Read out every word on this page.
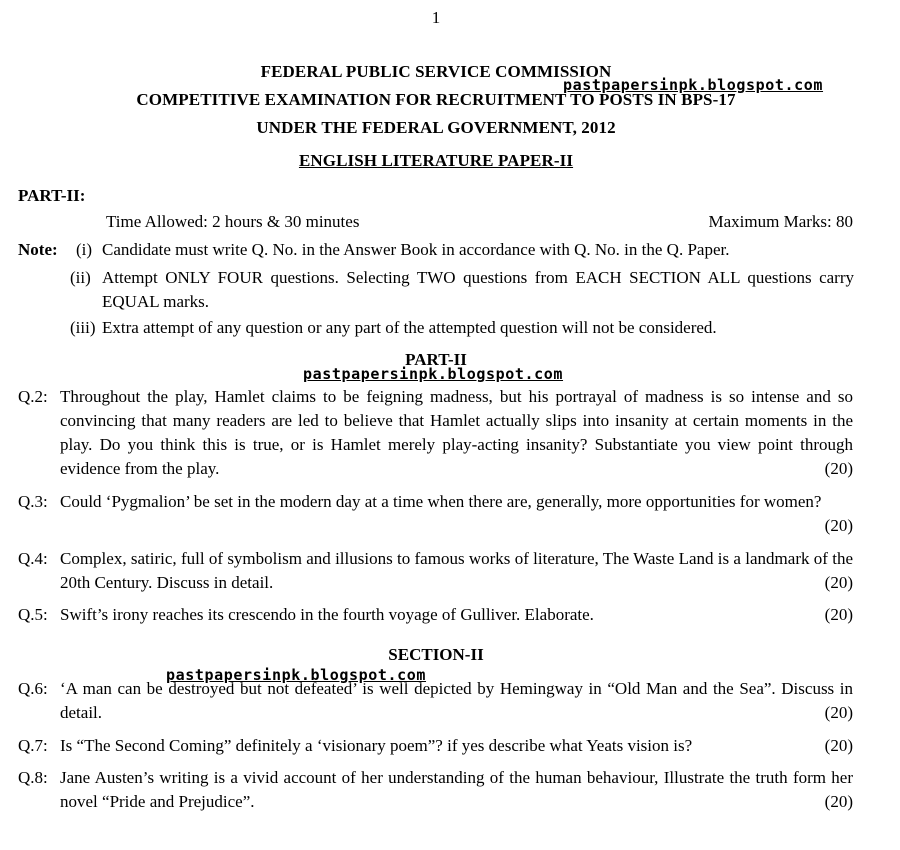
1
FEDERAL PUBLIC SERVICE COMMISSION
COMPETITIVE EXAMINATION FOR RECRUITMENT TO POSTS IN BPS-17
UNDER THE FEDERAL GOVERNMENT, 2012
ENGLISH LITERATURE PAPER-II
PART-II:
Time Allowed: 2 hours & 30 minutes	Maximum Marks: 80
Note: (i) Candidate must write Q. No. in the Answer Book in accordance with Q. No. in the Q. Paper.
(ii) Attempt ONLY FOUR questions. Selecting TWO questions from EACH SECTION ALL questions carry EQUAL marks.
(iii) Extra attempt of any question or any part of the attempted question will not be considered.
PART-II
Q.2: Throughout the play, Hamlet claims to be feigning madness, but his portrayal of madness is so intense and so convincing that many readers are led to believe that Hamlet actually slips into insanity at certain moments in the play. Do you think this is true, or is Hamlet merely play-acting insanity? Substantiate you view point through evidence from the play.	(20)
Q.3: Could ‘Pygmalion’ be set in the modern day at a time when there are, generally, more opportunities for women?
(20)
Q.4: Complex, satiric, full of symbolism and illusions to famous works of literature, The Waste Land is a landmark of the 20th Century. Discuss in detail.	(20)
Q.5: Swift’s irony reaches its crescendo in the fourth voyage of Gulliver. Elaborate.	(20)
SECTION-II
Q.6: ‘A man can be destroyed but not defeated’ is well depicted by Hemingway in “Old Man and the Sea”. Discuss in detail.	(20)
Q.7: Is “The Second Coming” definitely a ‘visionary poem”? if yes describe what Yeats vision is?	(20)
Q.8: Jane Austen’s writing is a vivid account of her understanding of the human behaviour, Illustrate the truth form her novel “Pride and Prejudice”.	(20)
pastpapersinpk.blogspot.com
pastpapersinpk.blogspot.com
pastpapersinpk.blogspot.com
